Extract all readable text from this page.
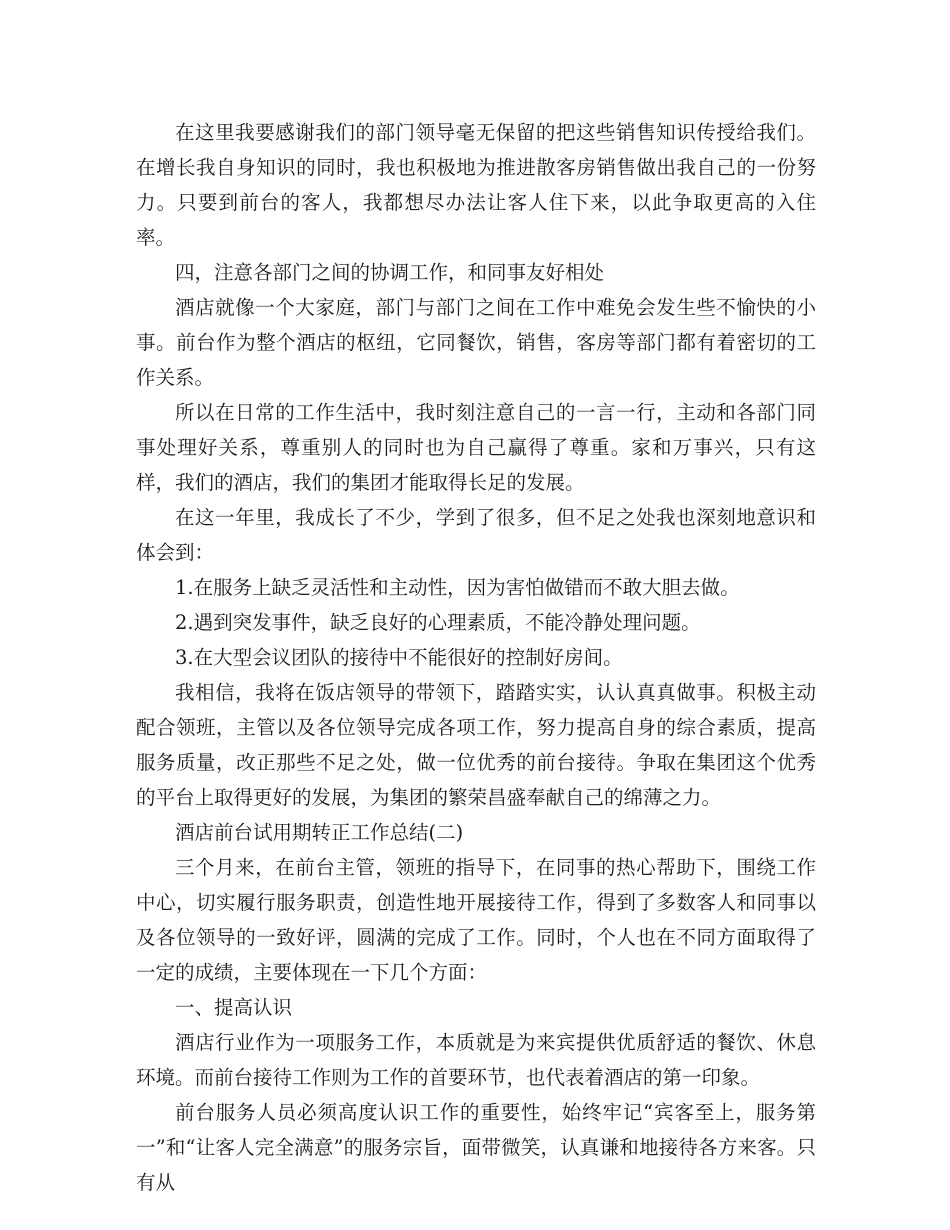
在这里我要感谢我们的部门领导毫无保留的把这些销售知识传授给我们。在增长我自身知识的同时，我也积极地为推进散客房销售做出我自己的一份努力。只要到前台的客人，我都想尽办法让客人住下来，以此争取更高的入住率。

四，注意各部门之间的协调工作，和同事友好相处

酒店就像一个大家庭，部门与部门之间在工作中难免会发生些不愉快的小事。前台作为整个酒店的枢纽，它同餐饮，销售，客房等部门都有着密切的工作关系。

所以在日常的工作生活中，我时刻注意自己的一言一行，主动和各部门同事处理好关系，尊重别人的同时也为自己赢得了尊重。家和万事兴，只有这样，我们的酒店，我们的集团才能取得长足的发展。

在这一年里，我成长了不少，学到了很多，但不足之处我也深刻地意识和体会到：

1.在服务上缺乏灵活性和主动性，因为害怕做错而不敢大胆去做。

2.遇到突发事件，缺乏良好的心理素质，不能冷静处理问题。

3.在大型会议团队的接待中不能很好的控制好房间。

我相信，我将在饭店领导的带领下，踏踏实实，认认真真做事。积极主动配合领班，主管以及各位领导完成各项工作，努力提高自身的综合素质，提高服务质量，改正那些不足之处，做一位优秀的前台接待。争取在集团这个优秀的平台上取得更好的发展，为集团的繁荣昌盛奉献自己的绵薄之力。

酒店前台试用期转正工作总结(二)

三个月来，在前台主管，领班的指导下，在同事的热心帮助下，围绕工作中心，切实履行服务职责，创造性地开展接待工作，得到了多数客人和同事以及各位领导的一致好评，圆满的完成了工作。同时，个人也在不同方面取得了一定的成绩，主要体现在一下几个方面：

一、提高认识

酒店行业作为一项服务工作，本质就是为来宾提供优质舒适的餐饮、休息环境。而前台接待工作则为工作的首要环节，也代表着酒店的第一印象。

前台服务人员必须高度认识工作的重要性，始终牢记“宾客至上，服务第一”和“让客人完全满意”的服务宗旨，面带微笑，认真谦和地接待各方来客。只有从
